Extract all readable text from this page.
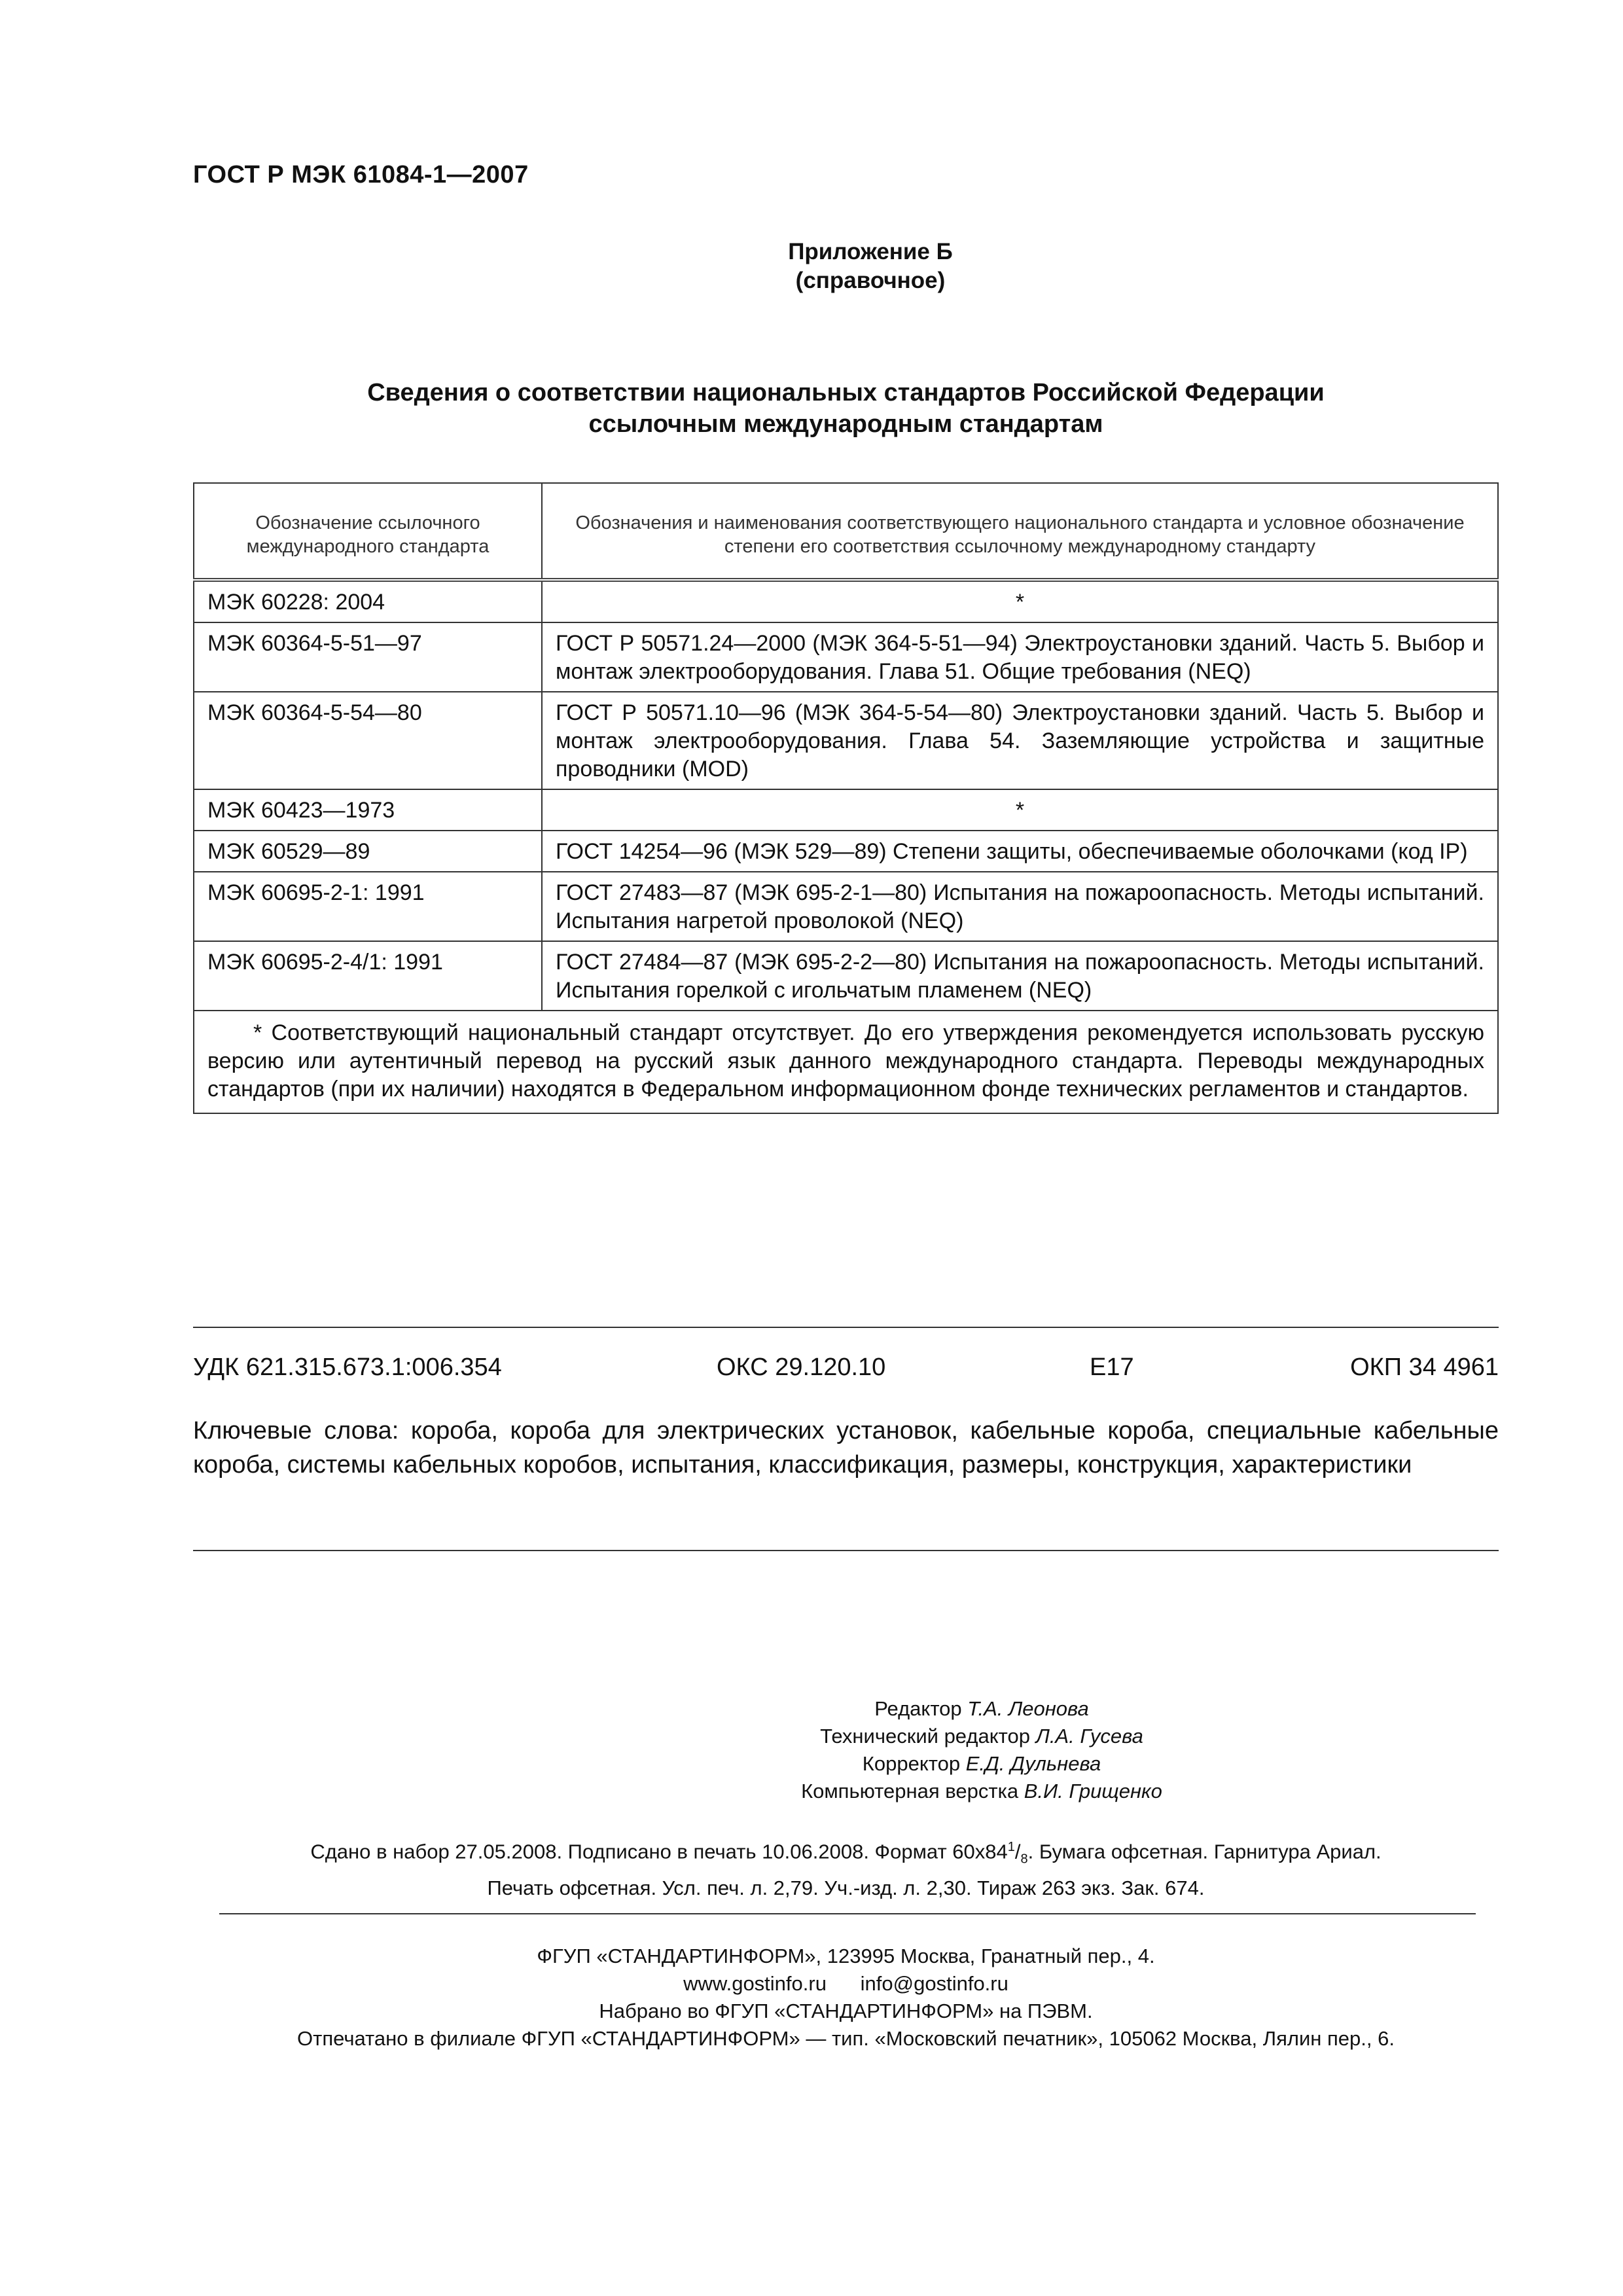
ГОСТ Р МЭК 61084-1—2007
Приложение Б
(справочное)
Сведения о соответствии национальных стандартов Российской Федерации
ссылочным международным стандартам
Обозначение ссылочного международного стандарта	Обозначения и наименования соответствующего национального стандарта и условное обозначение степени его соответствия ссылочному международному стандарту
МЭК 60228: 2004	*
МЭК 60364-5-51—97	ГОСТ Р 50571.24—2000 (МЭК 364-5-51—94) Электроустановки зданий. Часть 5. Выбор и монтаж электрооборудования. Глава 51. Общие требования (NEQ)
МЭК 60364-5-54—80	ГОСТ Р 50571.10—96 (МЭК 364-5-54—80) Электроустановки зданий. Часть 5. Выбор и монтаж электрооборудования. Глава 54. Заземляющие устройства и защитные проводники (MOD)
МЭК 60423—1973	*
МЭК 60529—89	ГОСТ 14254—96 (МЭК 529—89) Степени защиты, обеспечиваемые оболочками (код IP)
МЭК 60695-2-1: 1991	ГОСТ 27483—87 (МЭК 695-2-1—80) Испытания на пожароопасность. Методы испытаний. Испытания нагретой проволокой (NEQ)
МЭК 60695-2-4/1: 1991	ГОСТ 27484—87 (МЭК 695-2-2—80) Испытания на пожароопасность. Методы испытаний. Испытания горелкой с игольчатым пламенем (NEQ)
* Соответствующий национальный стандарт отсутствует. До его утверждения рекомендуется использовать русскую версию или аутентичный перевод на русский язык данного международного стандарта. Переводы международных стандартов (при их наличии) находятся в Федеральном информационном фонде технических регламентов и стандартов.	
УДК 621.315.673.1:006.354	ОКС 29.120.10	Е17	ОКП 34 4961
Ключевые слова: короба, короба для электрических установок, кабельные короба, специальные кабельные короба, системы кабельных коробов, испытания, классификация, размеры, конструкция, характеристики
Редактор Т.А. Леонова
Технический редактор Л.А. Гусева
Корректор Е.Д. Дульнева
Компьютерная верстка В.И. Грищенко
Сдано в набор 27.05.2008. Подписано в печать 10.06.2008. Формат $60x84^1/_8$. Бумага офсетная. Гарнитура Ариал.
Печать офсетная. Усл. печ. л. 2,79. Уч.-изд. л. 2,30. Тираж 263 экз. Зак. 674.
ФГУП «СТАНДАРТИНФОРМ», 123995 Москва, Гранатный пер., 4.
www.gostinfo.ru info@gostinfo.ru
Набрано во ФГУП «СТАНДАРТИНФОРМ» на ПЭВМ.
Отпечатано в филиале ФГУП «СТАНДАРТИНФОРМ» — тип. «Московский печатник», 105062 Москва, Лялин пер., 6.
